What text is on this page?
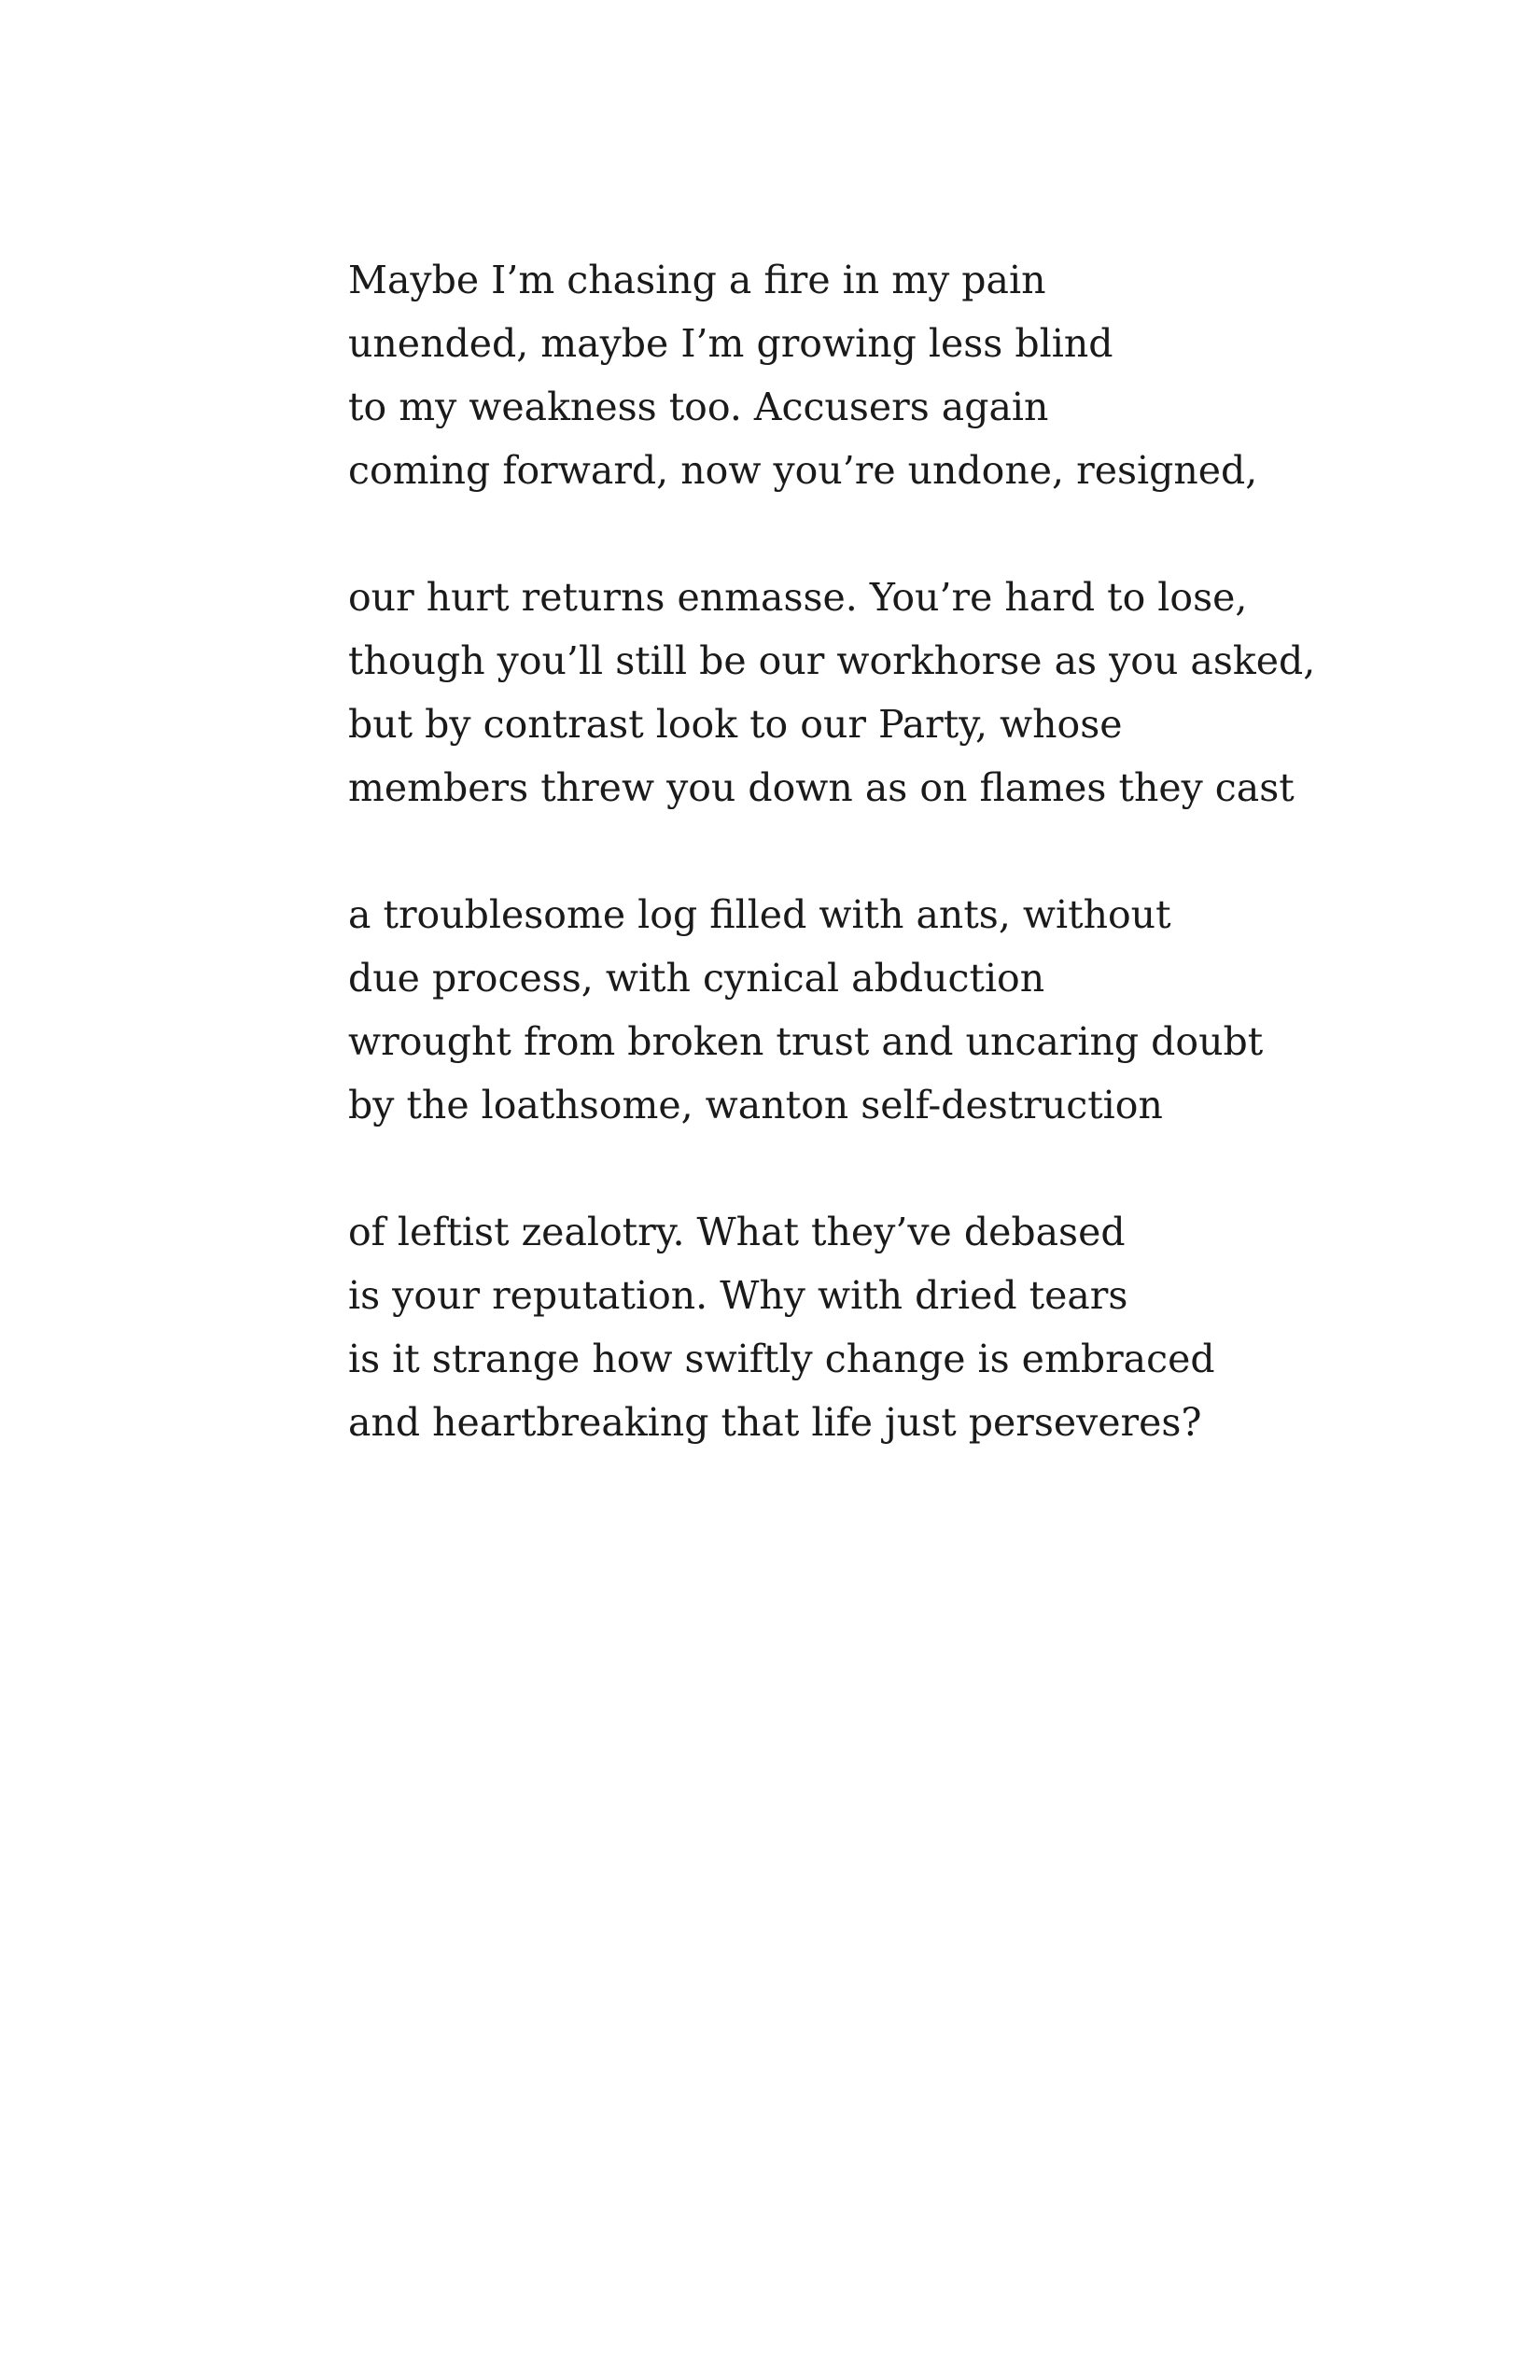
Maybe I’m chasing a fire in my pain
unended, maybe I’m growing less blind
to my weakness too. Accusers again
coming forward, now you’re undone, resigned,
our hurt returns enmasse. You’re hard to lose,
though you’ll still be our workhorse as you asked,
but by contrast look to our Party, whose
members threw you down as on flames they cast
a troublesome log filled with ants, without
due process, with cynical abduction
wrought from broken trust and uncaring doubt
by the loathsome, wanton self-destruction
of leftist zealotry. What they’ve debased
is your reputation. Why with dried tears
is it strange how swiftly change is embraced
and heartbreaking that life just perseveres?
